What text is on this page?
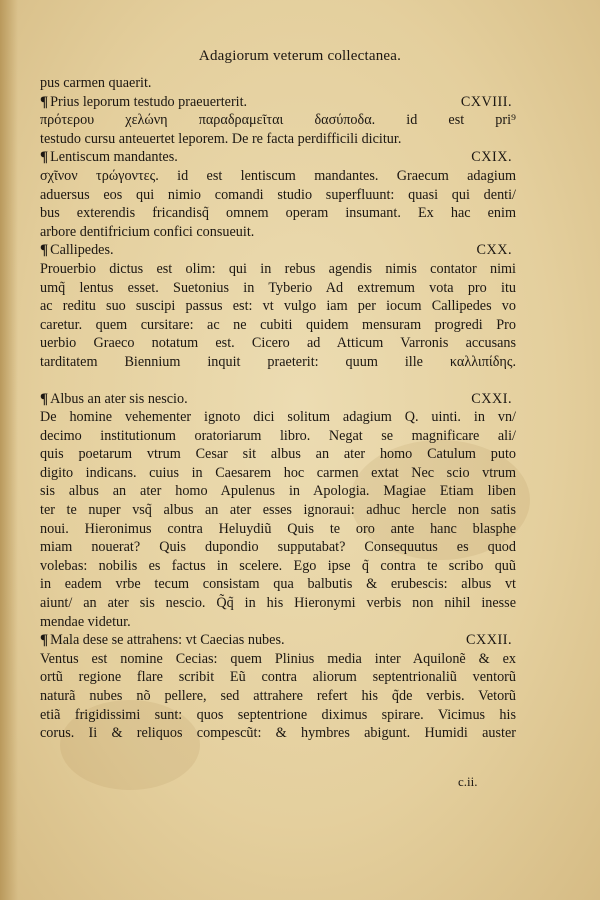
Adagiorum veterum collectanea.
pus carmen quaerit.
¶ Prius leporum testudo praeuerterit.	CXVIII.
πρότερου χελώνη παραδραμεῖται δασύποδα. id est pri⁹
testudo cursu anteuertet leporem. De re facta perdifficili dicitur.
¶ Lentiscum mandantes.	CXIX.
σχῖνον τρώγοντες. id est lentiscum mandantes. Graecum adagium
aduersus eos qui nimio comandi studio superfluunt: quasi qui denti/
bus exterendis fricandisq̃ omnem operam insumant. Ex hac enim
arbore dentifricium confici consueuit.
¶ Callipedes.	CXX.
Prouerbio dictus est olim: qui in rebus agendis nimis contator nimi
umq̃ lentus esset. Suetonius in Tyberio Ad extremum vota pro itu
ac reditu suo suscipi passus est: vt vulgo iam per iocum Callipedes vo
caretur. quem cursitare: ac ne cubiti quidem mensuram progredi Pro
uerbio Graeco notatum est. Cicero ad Atticum Varronis accusans
tarditatem Biennium inquit praeterit: quum ille καλλιπίδης.
¶ Albus an ater sis nescio.	CXXI.
De homine vehementer ignoto dici solitum adagium Q. uinti. in vn/
decimo institutionum oratoriarum libro. Negat se magnificare ali/
quis poetarum vtrum Cesar sit albus an ater homo Catulum puto
digito indicans. cuius in Caesarem hoc carmen extat Nec scio vtrum
sis albus an ater homo Apulenus in Apologia. Magiae Etiam liben
ter te nuper vsq̃ albus an ater esses ignoraui: adhuc hercle non satis
noui. Hieronimus contra Heluydiũ Quis te oro ante hanc blasphe
miam nouerat? Quis dupondio supputabat? Consequutus es quod
volebas: nobilis es factus in scelere. Ego ipse q̃ contra te scribo quũ
in eadem vrbe tecum consistam qua balbutis & erubescis: albus vt
aiunt/ an ater sis nescio. Q̃q̃ in his Hieronymi verbis non nihil inesse
mendae videtur.
¶ Mala dese se attrahens: vt Caecias nubes.	CXXII.
Ventus est nomine Cecias: quem Plinius media inter Aquilonẽ & ex
ortũ regione flare scribit Eũ contra aliorum septentrionaliũ ventorũ
naturã nubes nõ pellere, sed attrahere refert his q̃de verbis. Vetorũ
etiã frigidissimi sunt: quos septentrione diximus spirare. Vicimus his
corus. Ii & reliquos compescũt: & hymbres abigunt. Humidi auster
c.ii.
